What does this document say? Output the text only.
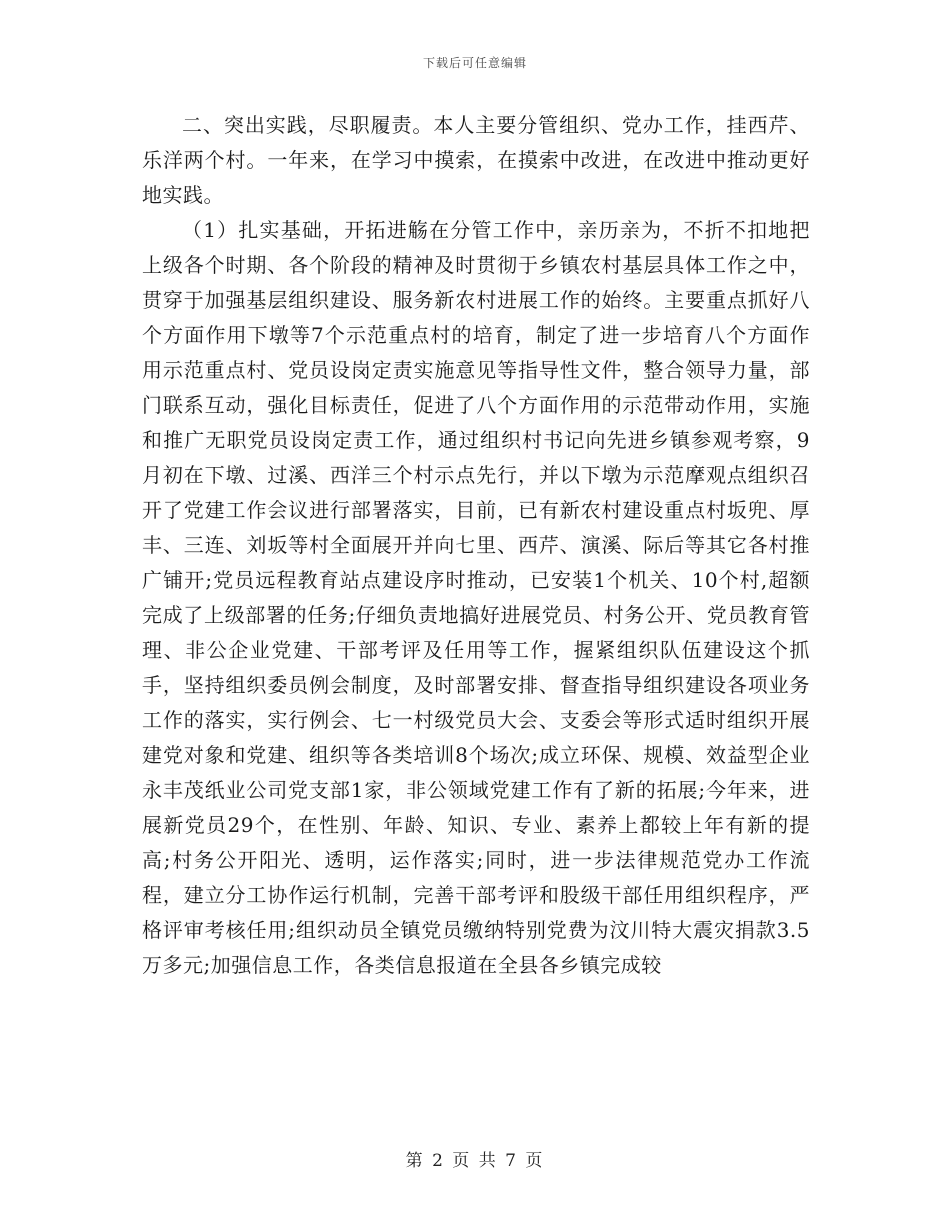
下载后可任意编辑

二、突出实践，尽职履责。本人主要分管组织、党办工作，挂西芹、乐洋两个村。一年来，在学习中摸索，在摸索中改进，在改进中推动更好地实践。

（1）扎实基础，开拓进觞在分管工作中，亲历亲为，不折不扣地把上级各个时期、各个阶段的精神及时贯彻于乡镇农村基层具体工作之中，贯穿于加强基层组织建设、服务新农村进展工作的始终。主要重点抓好八个方面作用下墩等7个示范重点村的培育，制定了进一步培育八个方面作用示范重点村、党员设岗定责实施意见等指导性文件，整合领导力量，部门联系互动，强化目标责任，促进了八个方面作用的示范带动作用，实施和推广无职党员设岗定责工作，通过组织村书记向先进乡镇参观考察，9月初在下墩、过溪、西洋三个村示点先行，并以下墩为示范摩观点组织召开了党建工作会议进行部署落实，目前，已有新农村建设重点村坂兜、厚丰、三连、刘坂等村全面展开并向七里、西芹、演溪、际后等其它各村推广铺开;党员远程教育站点建设序时推动，已安装1个机关、10个村,超额完成了上级部署的任务;仔细负责地搞好进展党员、村务公开、党员教育管理、非公企业党建、干部考评及任用等工作，握紧组织队伍建设这个抓手，坚持组织委员例会制度，及时部署安排、督查指导组织建设各项业务工作的落实，实行例会、七一村级党员大会、支委会等形式适时组织开展建党对象和党建、组织等各类培训8个场次;成立环保、规模、效益型企业永丰茂纸业公司党支部1家，非公领域党建工作有了新的拓展;今年来，进展新党员29个，在性别、年龄、知识、专业、素养上都较上年有新的提高;村务公开阳光、透明，运作落实;同时，进一步法律规范党办工作流程，建立分工协作运行机制，完善干部考评和股级干部任用组织程序，严格评审考核任用;组织动员全镇党员缴纳特别党费为汶川特大震灾捐款3.5万多元;加强信息工作，各类信息报道在全县各乡镇完成较

第 2 页 共 7 页
